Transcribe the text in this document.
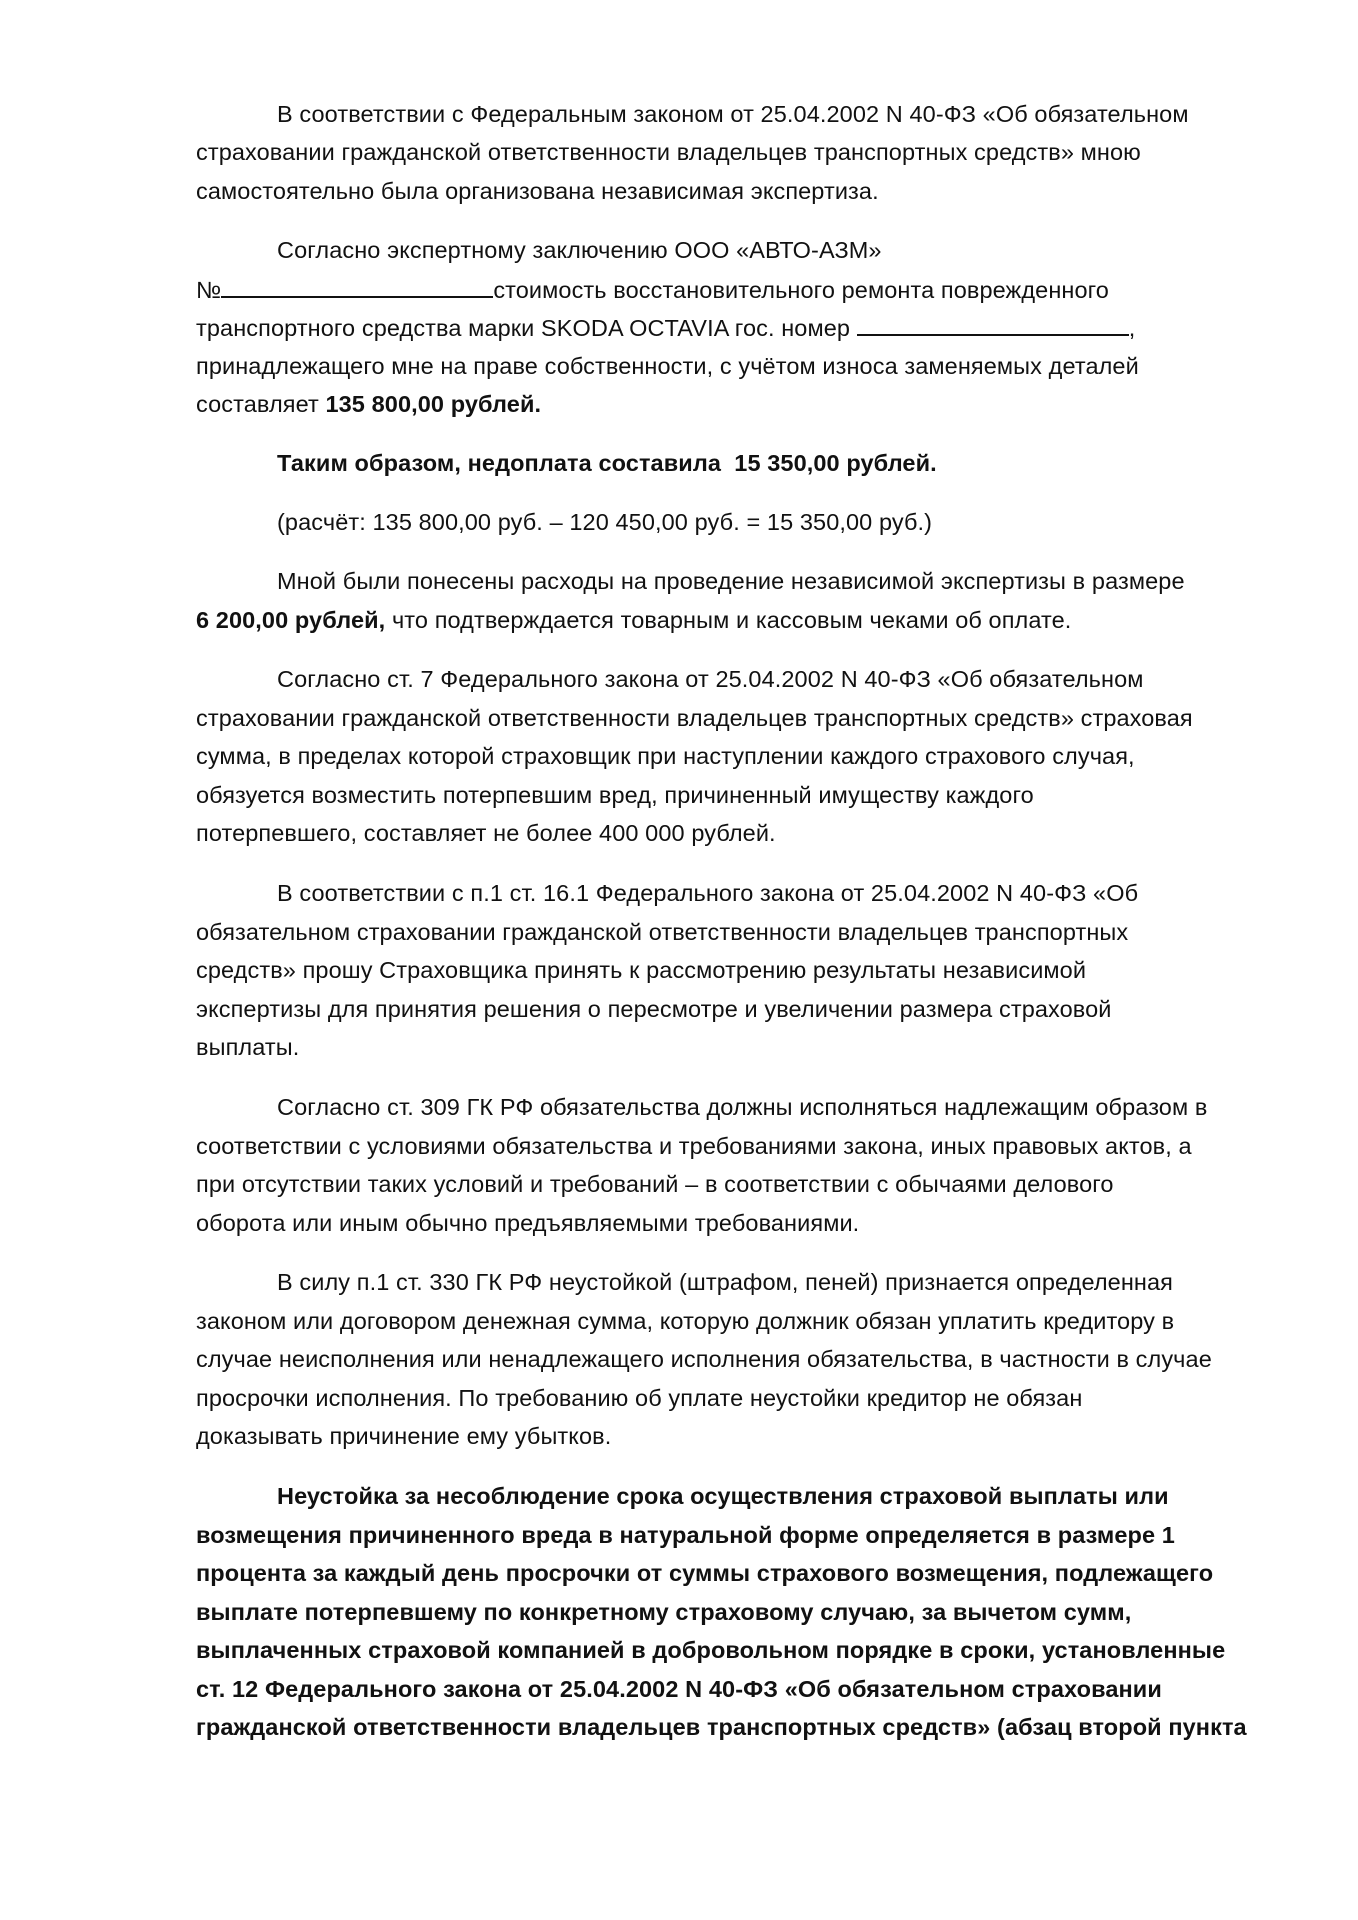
В соответствии с Федеральным законом от 25.04.2002 N 40-ФЗ «Об обязательном
страховании гражданской ответственности владельцев транспортных средств» мною
самостоятельно была организована независимая экспертиза.
Согласно экспертному заключению ООО «АВТО-АЗМ»
№	стоимость восстановительного ремонта поврежденного
транспортного средства марки SKODA OCTAVIA гос. номер	,
принадлежащего мне на праве собственности, с учётом износа заменяемых деталей
составляет 135 800,00 рублей.
Таким образом, недоплата составила  15 350,00 рублей.
(расчёт: 135 800,00 руб. – 120 450,00 руб. = 15 350,00 руб.)
Мной были понесены расходы на проведение независимой экспертизы в размере
6 200,00 рублей, что подтверждается товарным и кассовым чеками об оплате.
Согласно ст. 7 Федерального закона от 25.04.2002 N 40-ФЗ «Об обязательном
страховании гражданской ответственности владельцев транспортных средств» страховая
сумма, в пределах которой страховщик при наступлении каждого страхового случая,
обязуется возместить потерпевшим вред, причиненный имуществу каждого
потерпевшего, составляет не более 400 000 рублей.
В соответствии с п.1 ст. 16.1 Федерального закона от 25.04.2002 N 40-ФЗ «Об
обязательном страховании гражданской ответственности владельцев транспортных
средств» прошу Страховщика принять к рассмотрению результаты независимой
экспертизы для принятия решения о пересмотре и увеличении размера страховой
выплаты.
Согласно ст. 309 ГК РФ обязательства должны исполняться надлежащим образом в
соответствии с условиями обязательства и требованиями закона, иных правовых актов, а
при отсутствии таких условий и требований – в соответствии с обычаями делового
оборота или иным обычно предъявляемыми требованиями.
В силу п.1 ст. 330 ГК РФ неустойкой (штрафом, пеней) признается определенная
законом или договором денежная сумма, которую должник обязан уплатить кредитору в
случае неисполнения или ненадлежащего исполнения обязательства, в частности в случае
просрочки исполнения. По требованию об уплате неустойки кредитор не обязан
доказывать причинение ему убытков.
Неустойка за несоблюдение срока осуществления страховой выплаты или
возмещения причиненного вреда в натуральной форме определяется в размере 1
процента за каждый день просрочки от суммы страхового возмещения, подлежащего
выплате потерпевшему по конкретному страховому случаю, за вычетом сумм,
выплаченных страховой компанией в добровольном порядке в сроки, установленные
ст. 12 Федерального закона от 25.04.2002 N 40-ФЗ «Об обязательном страховании
гражданской ответственности владельцев транспортных средств» (абзац второй пункта
